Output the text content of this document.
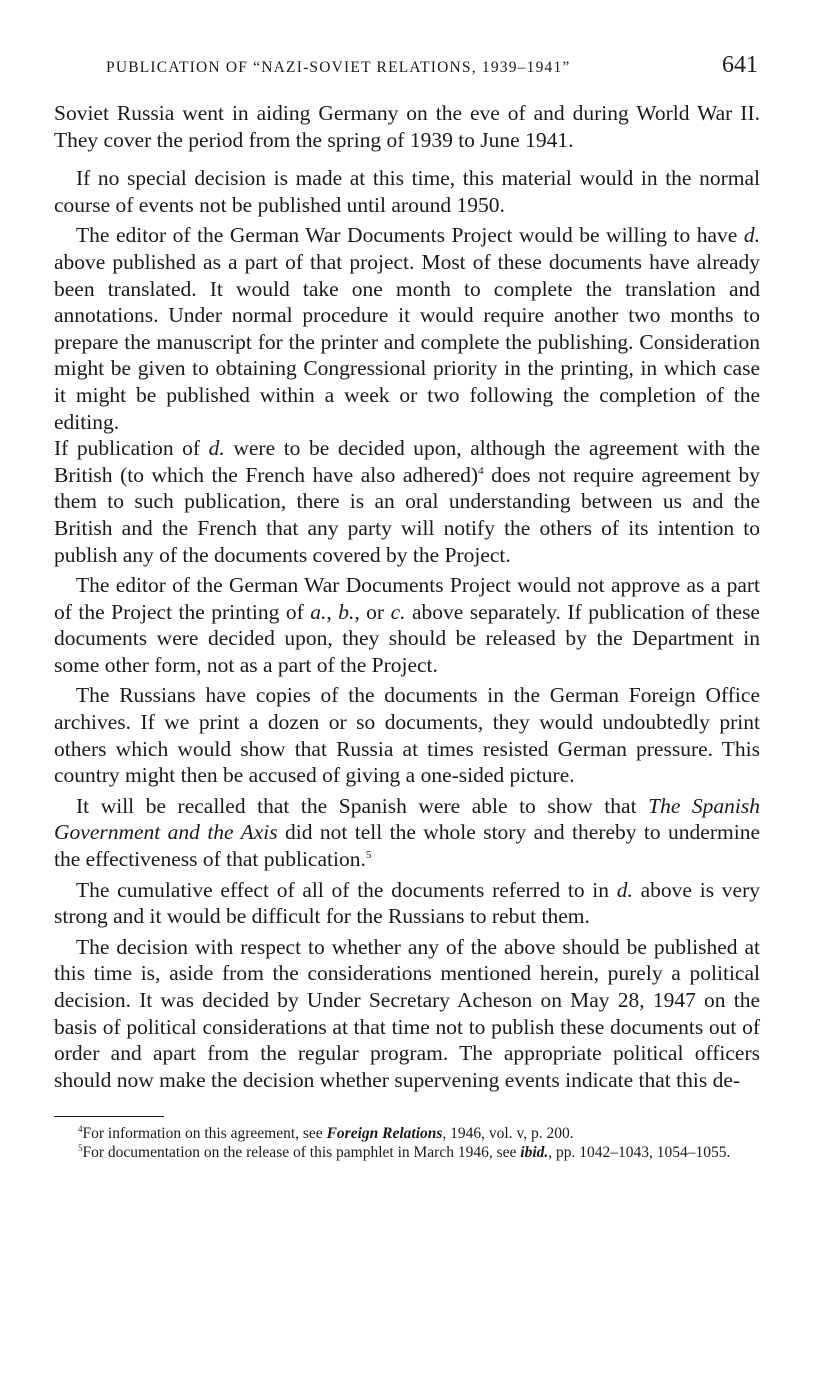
PUBLICATION OF “NAZI-SOVIET RELATIONS, 1939–1941”	641

Soviet Russia went in aiding Germany on the eve of and during World War II. They cover the period from the spring of 1939 to June 1941.

If no special decision is made at this time, this material would in the normal course of events not be published until around 1950.

The editor of the German War Documents Project would be willing to have d. above published as a part of that project. Most of these documents have already been translated. It would take one month to complete the translation and annotations. Under normal procedure it would require another two months to prepare the manuscript for the printer and complete the publishing. Consideration might be given to obtaining Congressional priority in the printing, in which case it might be published within a week or two following the completion of the editing.

If publication of d. were to be decided upon, although the agreement with the British (to which the French have also adhered)$^4$ does not require agreement by them to such publication, there is an oral understanding between us and the British and the French that any party will notify the others of its intention to publish any of the documents covered by the Project.

The editor of the German War Documents Project would not approve as a part of the Project the printing of a., b., or c. above separately. If publication of these documents were decided upon, they should be released by the Department in some other form, not as a part of the Project.

The Russians have copies of the documents in the German Foreign Office archives. If we print a dozen or so documents, they would undoubtedly print others which would show that Russia at times resisted German pressure. This country might then be accused of giving a one-sided picture.

It will be recalled that the Spanish were able to show that The Spanish Government and the Axis did not tell the whole story and thereby to undermine the effectiveness of that publication.$^5$

The cumulative effect of all of the documents referred to in d. above is very strong and it would be difficult for the Russians to rebut them.

The decision with respect to whether any of the above should be published at this time is, aside from the considerations mentioned herein, purely a political decision. It was decided by Under Secretary Acheson on May 28, 1947 on the basis of political considerations at that time not to publish these documents out of order and apart from the regular program. The appropriate political officers should now make the decision whether supervening events indicate that this de-

$^4$For information on this agreement, see Foreign Relations, 1946, vol. v, p. 200.

$^5$For documentation on the release of this pamphlet in March 1946, see ibid., pp. 1042–1043, 1054–1055.
